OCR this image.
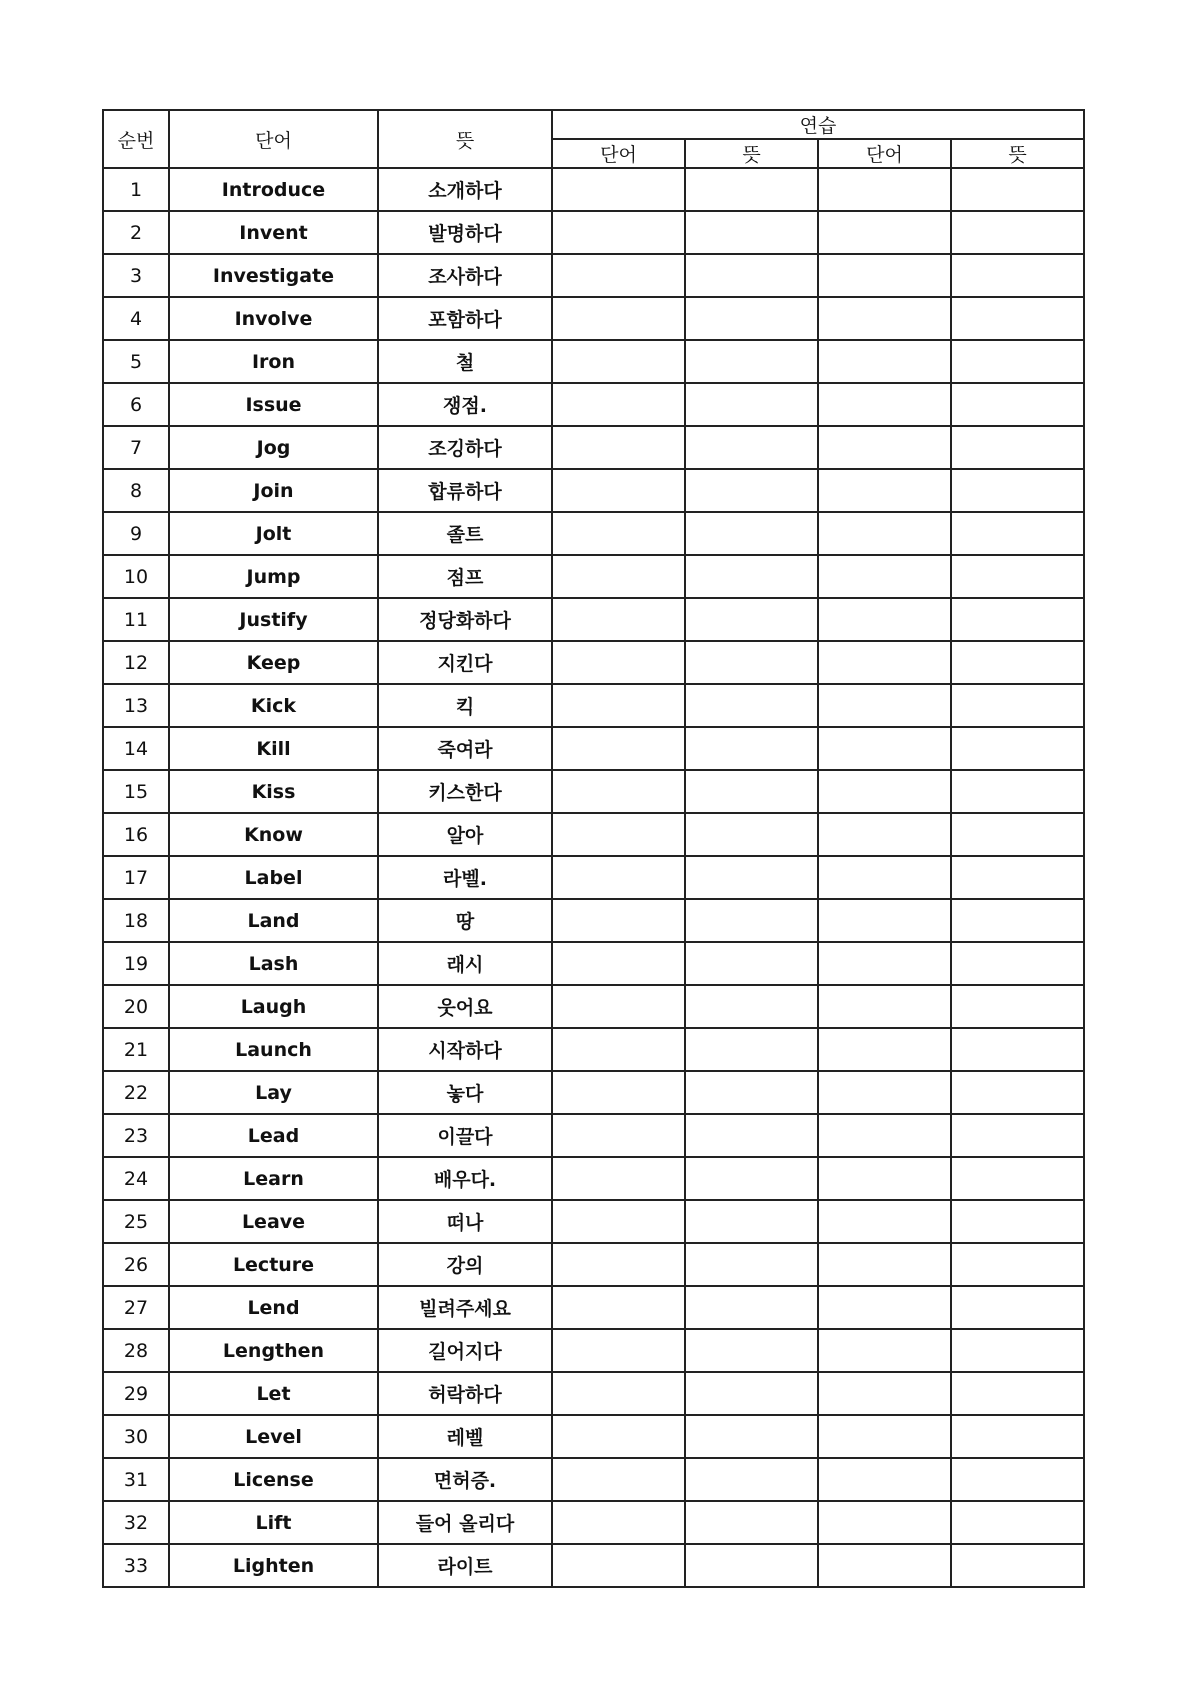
순번	단어	뜻	연습			
			단어	뜻	단어	뜻
1	Introduce	소개하다				
2	Invent	발명하다				
3	Investigate	조사하다				
4	Involve	포함하다				
5	Iron	철				
6	Issue	쟁점.				
7	Jog	조깅하다				
8	Join	합류하다				
9	Jolt	졸트				
10	Jump	점프				
11	Justify	정당화하다				
12	Keep	지킨다				
13	Kick	킥				
14	Kill	죽여라				
15	Kiss	키스한다				
16	Know	알아				
17	Label	라벨.				
18	Land	땅				
19	Lash	래시				
20	Laugh	웃어요				
21	Launch	시작하다				
22	Lay	놓다				
23	Lead	이끌다				
24	Learn	배우다.				
25	Leave	떠나				
26	Lecture	강의				
27	Lend	빌려주세요				
28	Lengthen	길어지다				
29	Let	허락하다				
30	Level	레벨				
31	License	면허증.				
32	Lift	들어 올리다				
33	Lighten	라이트				
